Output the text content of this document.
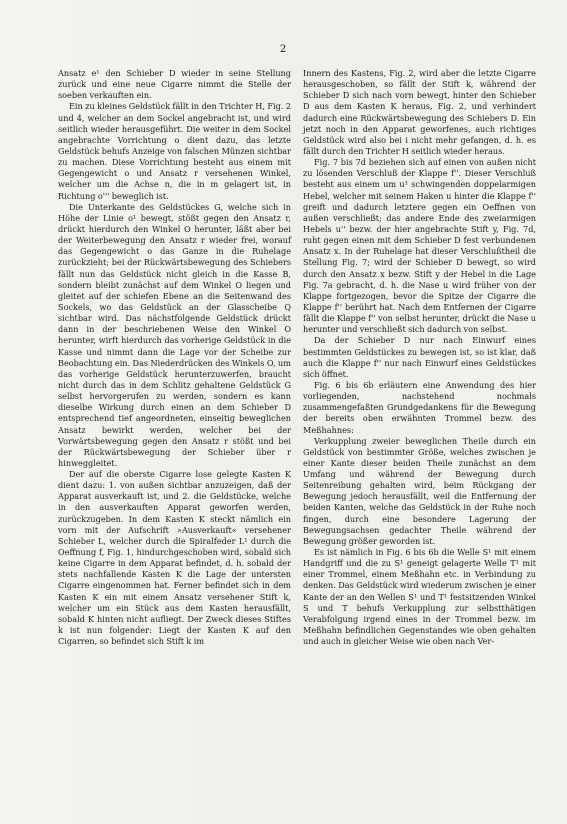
2

Ansatz e¹ den Schieber D wieder in seine Stellung zurück und eine neue Cigarre nimmt die Stelle der soeben verkauften ein.

Ein zu kleines Geldstück fällt in den Trichter H, Fig. 2 und 4, welcher an dem Sockel angebracht ist, und wird seitlich wieder herausgeführt. Die weiter in dem Sockel angebrachte Vorrichtung o dient dazu, das letzte Geldstück behufs Anzeige von falschen Münzen sichtbar zu machen. Diese Vorrichtung besteht aus einem mit Gegengewicht o und Ansatz r versehenen Winkel, welcher um die Achse n, die in m gelagert ist, in Richtung o''' beweglich ist.

Die Unterkante des Geldstückes G, welche sich in Höhe der Linie o¹ bewegt, stößt gegen den Ansatz r, drückt hierdurch den Winkel O herunter, läßt aber bei der Weiterbewegung den Ansatz r wieder frei, worauf das Gegengewicht o das Ganze in die Ruhelage zurückzieht; bei der Rückwärtsbewegung des Schiebers fällt nun das Geldstück nicht gleich in die Kasse B, sondern bleibt zunächst auf dem Winkel O liegen und gleitet auf der schiefen Ebene an die Seitenwand des Sockels, wo das Geldstück an der Glasscheibe Q sichtbar wird. Das nächstfolgende Geldstück drückt dann in der beschriebenen Weise den Winkel O herunter, wirft hierdurch das vorherige Geldstück in die Kasse und nimmt dann die Lage vor der Scheibe zur Beobachtung ein. Das Niederdrücken des Winkels O, um das vorherige Geldstück herunterzuwerfen, braucht nicht durch das in dem Schlitz gehaltene Geldstück G selbst hervorgerufen zu werden, sondern es kann dieselbe Wirkung durch einen an dem Schieber D entsprechend tief angeordneten, einseitig beweglichen Ansatz bewirkt werden, welcher bei der Vorwärtsbewegung gegen den Ansatz r stößt und bei der Rückwärtsbewegung der Schieber über r hinweggleitet.

Der auf die oberste Cigarre lose gelegte Kasten K dient dazu: 1. von außen sichtbar anzuzeigen, daß der Apparat ausverkauft ist, und 2. die Geldstücke, welche in den ausverkauften Apparat geworfen werden, zurückzugeben. In dem Kasten K steckt nämlich ein vorn mit der Aufschrift »Ausverkauft« versehener Schieber L, welcher durch die Spiralfeder L¹ durch die Oeffnung f, Fig. 1, hindurchgeschoben wird, sobald sich keine Cigarre in dem Apparat befindet, d. h. sobald der stets nachfallende Kasten K die Lage der untersten Cigarre eingenommen hat. Ferner befindet sich in dem Kasten K ein mit einem Ansatz versehener Stift k, welcher um ein Stück aus dem Kasten herausfällt, sobald K hinten nicht aufliegt. Der Zweck dieses Stiftes k ist nun folgender: Liegt der Kasten K auf den Cigarren, so befindet sich Stift k im

Innern des Kastens, Fig. 2, wird aber die letzte Cigarre herausgeschoben, so fällt der Stift k, während der Schieber D sich nach vorn bewegt, hinter den Schieber D aus dem Kasten K heraus, Fig. 2, und verhindert dadurch eine Rückwärtsbewegung des Schiebers D. Ein jetzt noch in den Apparat geworfenes, auch richtiges Geldstück wird also bei i nicht mehr gefangen, d. h. es fällt durch den Trichter H seitlich wieder heraus.

Fig. 7 bis 7d beziehen sich auf einen von außen nicht zu lösenden Verschluß der Klappe f''. Dieser Verschluß besteht aus einem um u¹ schwingenden doppelarmigen Hebel, welcher mit seinem Haken u hinter die Klappe f'' greift und dadurch letztere gegen ein Oeffnen von außen verschließt; das andere Ende des zweiarmigen Hebels u'' bezw. der hier angebrachte Stift y, Fig. 7d, ruht gegen einen mit dem Schieber D fest verbundenen Ansatz x. In der Ruhelage hat dieser Verschlußtheil die Stellung Fig. 7; wird der Schieber D bewegt, so wird durch den Ansatz x bezw. Stift y der Hebel in die Lage Fig. 7a gebracht, d. h. die Nase u wird früher von der Klappe fortgezogen, bevor die Spitze der Cigarre die Klappe f'' berührt hat. Nach dem Entfernen der Cigarre fällt die Klappe f'' von selbst herunter, drückt die Nase u herunter und verschließt sich dadurch von selbst.

Da der Schieber D nur nach Einwurf eines bestimmten Geldstückes zu bewegen ist, so ist klar, daß auch die Klappe f'' nur nach Einwurf eines Geldstückes sich öffnet.

Fig. 6 bis 6b erläutern eine Anwendung des hier vorliegenden, nachstehend nochmals zusammengefaßten Grundgedankens für die Bewegung der bereits oben erwähnten Trommel bezw. des Meßhahnes:

Verkupplung zweier beweglichen Theile durch ein Geldstück von bestimmter Größe, welches zwischen je einer Kante dieser beiden Theile zunächst an dem Umfang und während der Bewegung durch Seitenreibung gehalten wird, beim Rückgang der Bewegung jedoch herausfällt, weil die Entfernung der beiden Kanten, welche das Geldstück in der Ruhe noch fingen, durch eine besondere Lagerung der Bewegungsachsen gedachter Theile während der Bewegung größer geworden ist.

Es ist nämlich in Fig. 6 bis 6b die Welle S¹ mit einem Handgriff und die zu S¹ geneigt gelagerte Welle T¹ mit einer Trommel, einem Meßhahn etc. in Verbindung zu denken. Das Geldstück wird wiederum zwischen je einer Kante der an den Wellen S¹ und T¹ festsitzenden Winkel S und T behufs Verkupplung zur selbstthätigen Verabfolgung irgend eines in der Trommel bezw. im Meßhahn befindlichen Gegenstandes wie oben gehalten und auch in gleicher Weise wie oben nach Ver-
